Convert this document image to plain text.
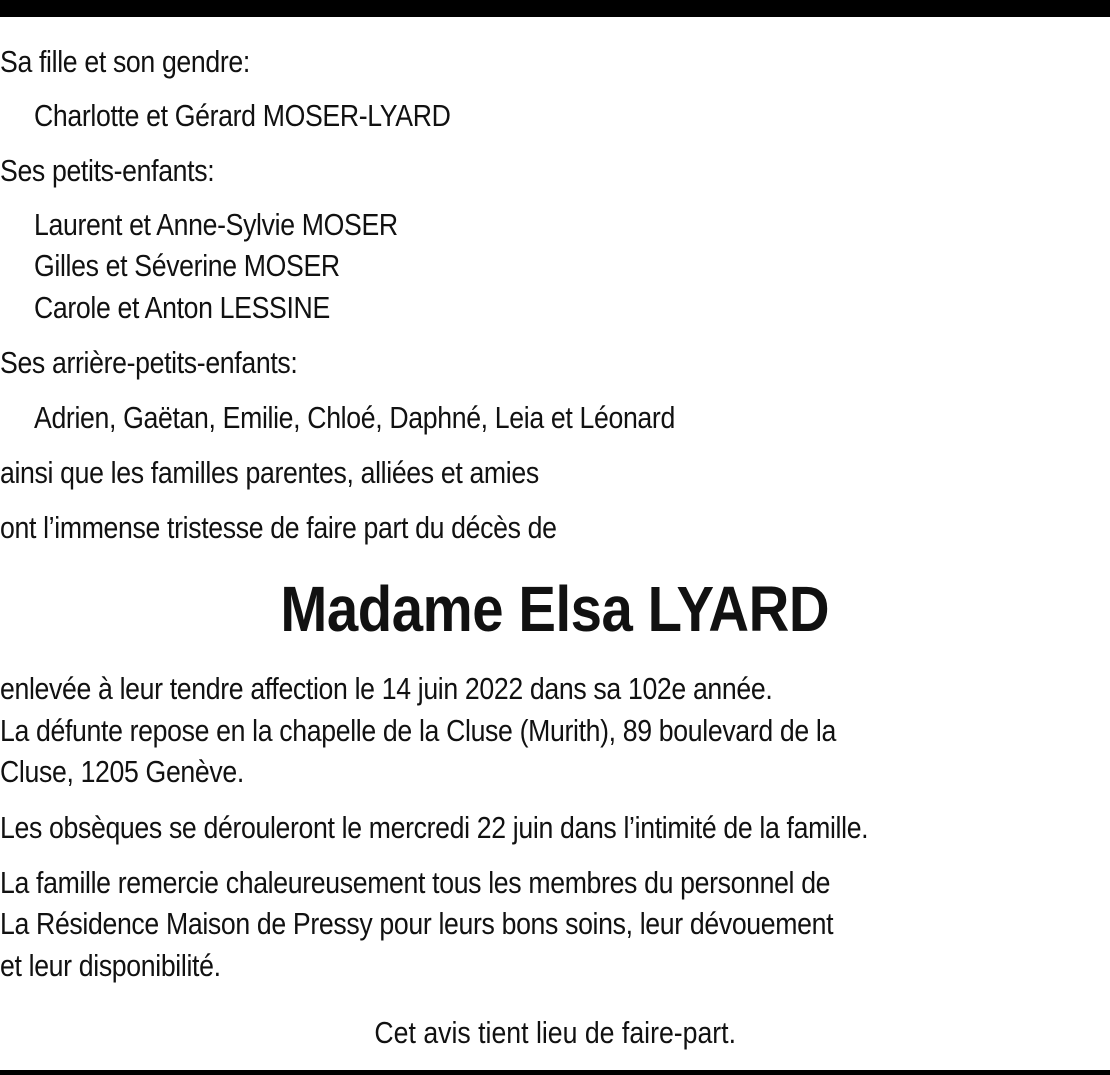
Sa fille et son gendre:
Charlotte et Gérard MOSER-LYARD
Ses petits-enfants:
Laurent et Anne-Sylvie MOSER
Gilles et Séverine MOSER
Carole et Anton LESSINE
Ses arrière-petits-enfants:
Adrien, Gaëtan, Emilie, Chloé, Daphné, Leia et Léonard
ainsi que les familles parentes, alliées et amies
ont l’immense tristesse de faire part du décès de
Madame Elsa LYARD
enlevée à leur tendre affection le 14 juin 2022 dans sa 102e année.
La défunte repose en la chapelle de la Cluse (Murith), 89 boulevard de la
Cluse, 1205 Genève.
Les obsèques se dérouleront le mercredi 22 juin dans l’intimité de la famille.
La famille remercie chaleureusement tous les membres du personnel de
La Résidence Maison de Pressy pour leurs bons soins, leur dévouement
et leur disponibilité.
Cet avis tient lieu de faire-part.
